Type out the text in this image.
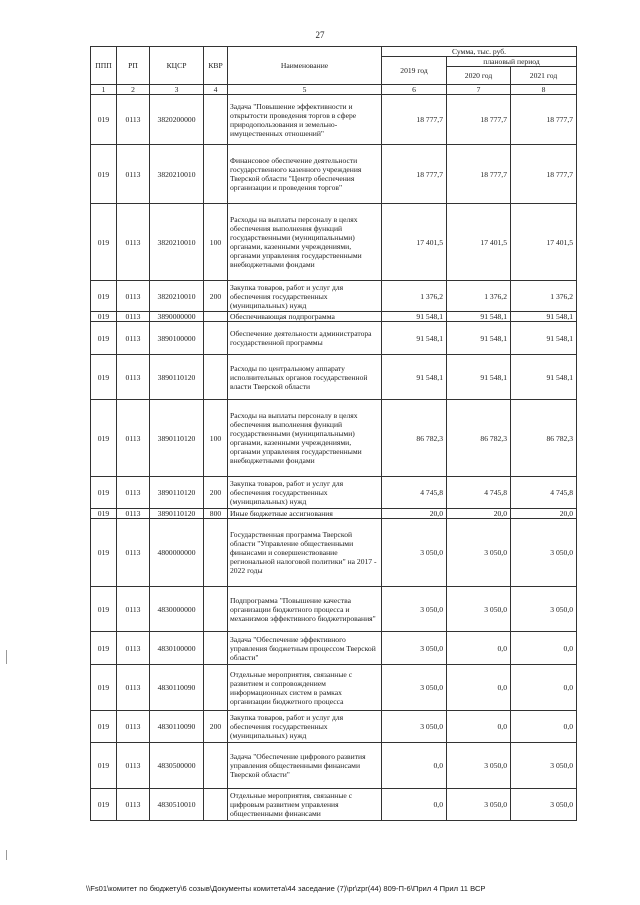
27
ППП	РП	КЦСР	КВР	Наименование	Сумма, тыс. руб.		
					2019 год	плановый период	
						2020 год	2021 год
1	2	3	4	5	6	7	8
019	0113	3820200000		Задача "Повышение эффективности и открытости проведения торгов в сфере природопользования и земельно-имущественных отношений"	18 777,7	18 777,7	18 777,7
019	0113	3820210010		Финансовое обеспечение деятельности государственного казенного учреждения Тверской области "Центр обеспечения организации и проведения торгов"	18 777,7	18 777,7	18 777,7
019	0113	3820210010	100	Расходы на выплаты персоналу в целях обеспечения выполнения функций государственными (муниципальными) органами, казенными учреждениями, органами управления государственными внебюджетными фондами	17 401,5	17 401,5	17 401,5
019	0113	3820210010	200	Закупка товаров, работ и услуг для обеспечения государственных (муниципальных) нужд	1 376,2	1 376,2	1 376,2
019	0113	3890000000		Обеспечивающая подпрограмма	91 548,1	91 548,1	91 548,1
019	0113	3890100000		Обеспечение деятельности администратора государственной программы	91 548,1	91 548,1	91 548,1
019	0113	3890110120		Расходы по центральному аппарату исполнительных органов государственной власти Тверской области	91 548,1	91 548,1	91 548,1
019	0113	3890110120	100	Расходы на выплаты персоналу в целях обеспечения выполнения функций государственными (муниципальными) органами, казенными учреждениями, органами управления государственными внебюджетными фондами	86 782,3	86 782,3	86 782,3
019	0113	3890110120	200	Закупка товаров, работ и услуг для обеспечения государственных (муниципальных) нужд	4 745,8	4 745,8	4 745,8
019	0113	3890110120	800	Иные бюджетные ассигнования	20,0	20,0	20,0
019	0113	4800000000		Государственная программа Тверской области "Управление общественными финансами и совершенствование региональной налоговой политики" на 2017 - 2022 годы	3 050,0	3 050,0	3 050,0
019	0113	4830000000		Подпрограмма "Повышение качества организации бюджетного процесса и механизмов эффективного бюджетирования"	3 050,0	3 050,0	3 050,0
019	0113	4830100000		Задача "Обеспечение эффективного управления бюджетным процессом Тверской области"	3 050,0	0,0	0,0
019	0113	4830110090		Отдельные мероприятия, связанные с развитием и сопровождением информационных систем в рамках организации бюджетного процесса	3 050,0	0,0	0,0
019	0113	4830110090	200	Закупка товаров, работ и услуг для обеспечения государственных (муниципальных) нужд	3 050,0	0,0	0,0
019	0113	4830500000		Задача "Обеспечение цифрового развития управления общественными финансами Тверской области"	0,0	3 050,0	3 050,0
019	0113	4830510010		Отдельные мероприятия, связанные с цифровым развитием управления общественными финансами	0,0	3 050,0	3 050,0
\\Fs01\комитет по бюджету\6 созыв\Документы комитета\44 заседание (7)\pr\zpr(44) 809-П-6\Прил 4 Прил 11 ВСР
